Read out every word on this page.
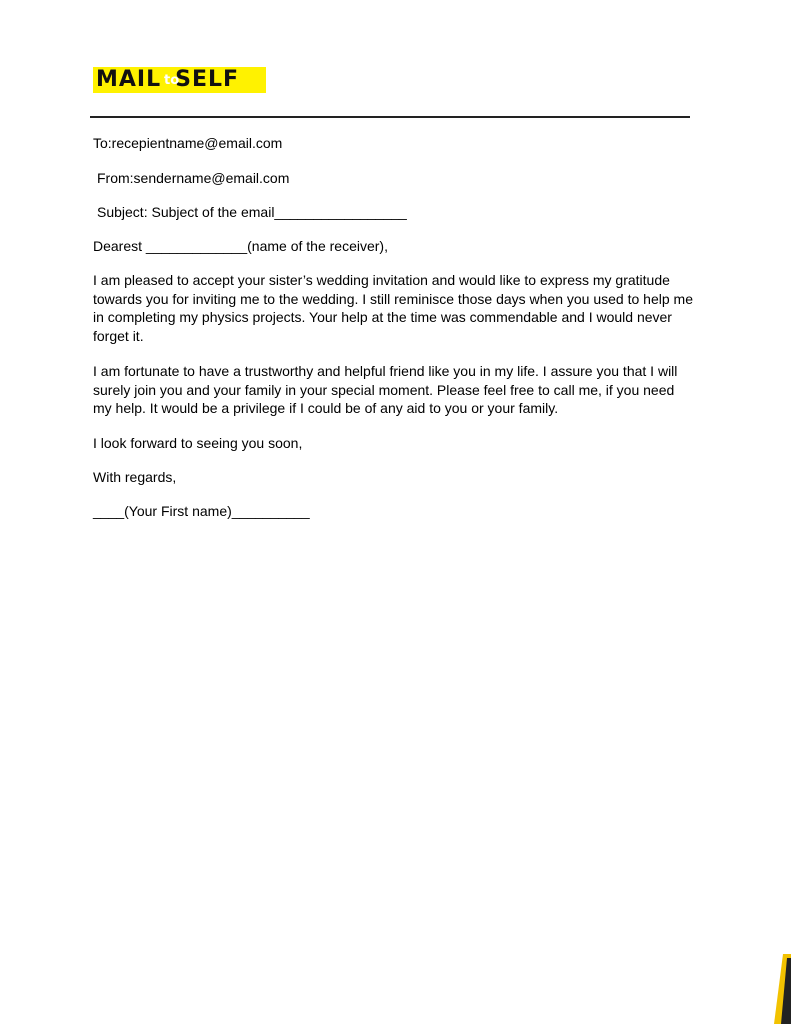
MAIL SELF
to
To:recepientname@email.com
From:sendername@email.com
Subject: Subject of the email_________________
Dearest _____________(name of the receiver),
I am pleased to accept your sister’s wedding invitation and would like to express my gratitude towards you for inviting me to the wedding. I still reminisce those days when you used to help me in completing my physics projects. Your help at the time was commendable and I would never forget it.
I am fortunate to have a trustworthy and helpful friend like you in my life. I assure you that I will surely join you and your family in your special moment. Please feel free to call me, if you need my help. It would be a privilege if I could be of any aid to you or your family.
I look forward to seeing you soon,
With regards,
____(Your First name)__________
